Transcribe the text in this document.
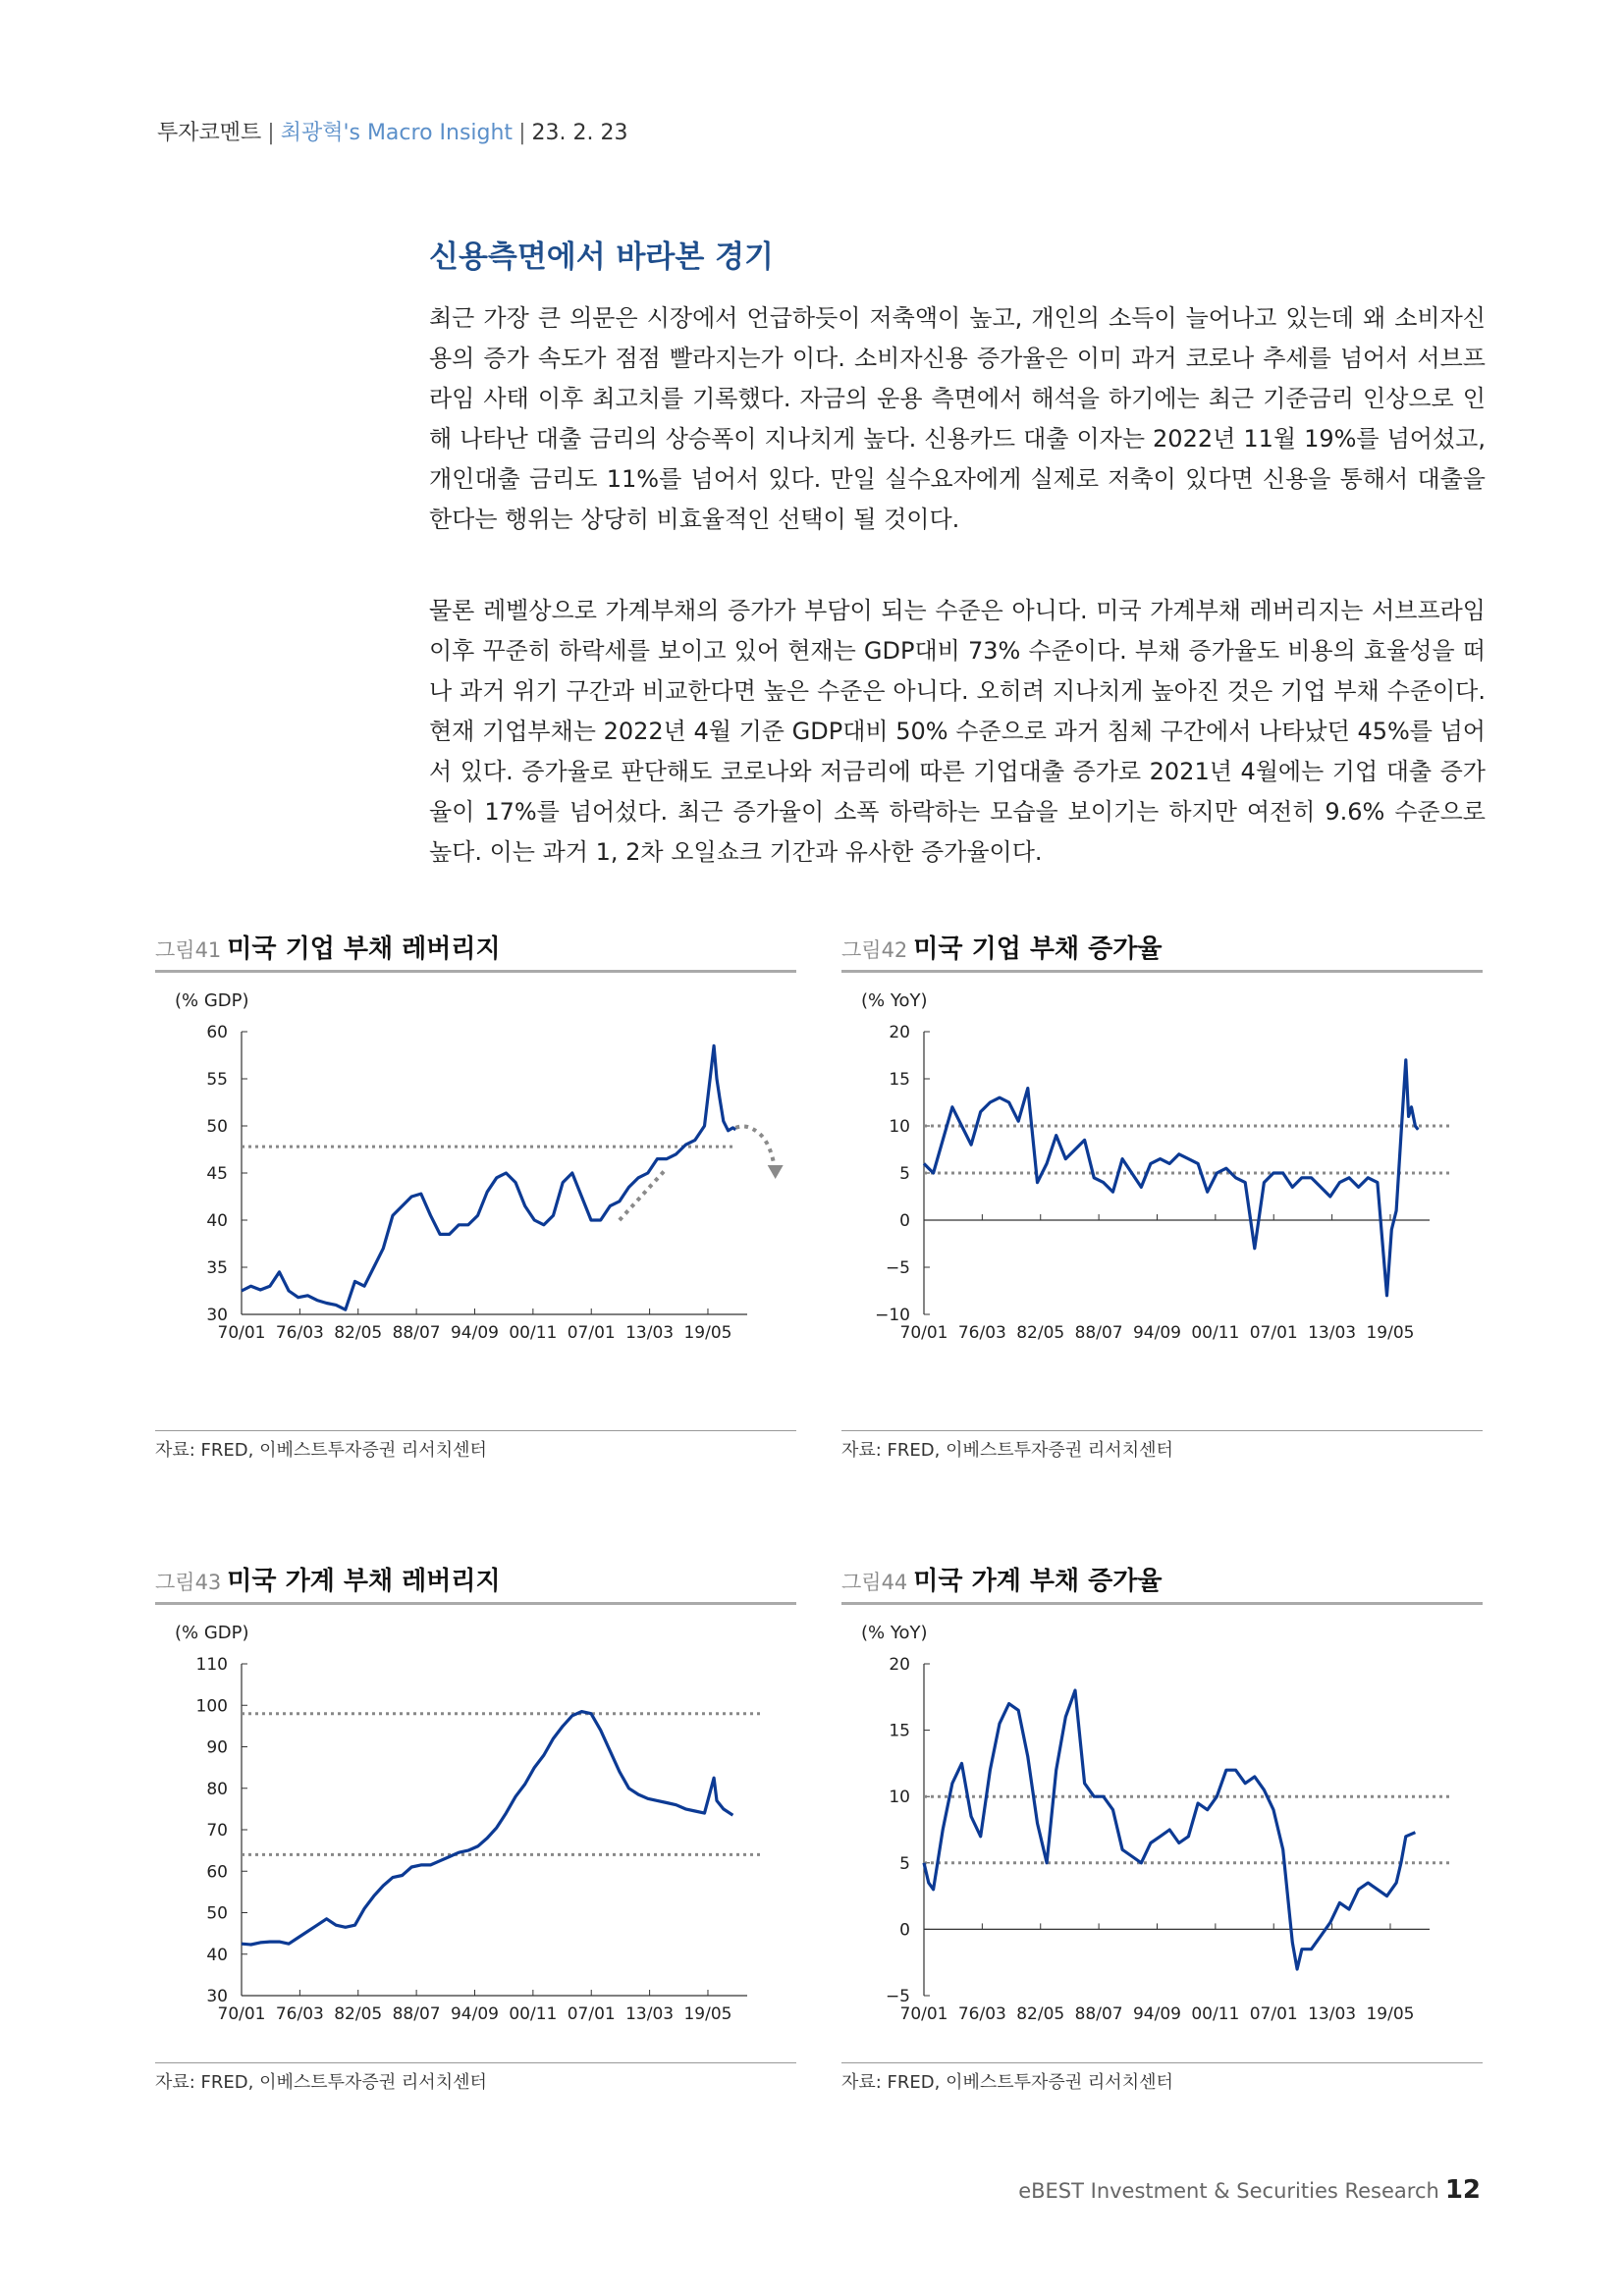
투자코멘트 | 최광혁's Macro Insight | 23. 2. 23
신용측면에서 바라본 경기
최근 가장 큰 의문은 시장에서 언급하듯이 저축액이 높고, 개인의 소득이 늘어나고 있는데 왜 소비자신용의 증가 속도가 점점 빨라지는가 이다. 소비자신용 증가율은 이미 과거 코로나 추세를 넘어서 서브프라임 사태 이후 최고치를 기록했다. 자금의 운용 측면에서 해석을 하기에는 최근 기준금리 인상으로 인해 나타난 대출 금리의 상승폭이 지나치게 높다. 신용카드 대출 이자는 2022년 11월 19%를 넘어섰고, 개인대출 금리도 11%를 넘어서 있다. 만일 실수요자에게 실제로 저축이 있다면 신용을 통해서 대출을 한다는 행위는 상당히 비효율적인 선택이 될 것이다.
물론 레벨상으로 가계부채의 증가가 부담이 되는 수준은 아니다. 미국 가계부채 레버리지는 서브프라임 이후 꾸준히 하락세를 보이고 있어 현재는 GDP대비 73% 수준이다. 부채 증가율도 비용의 효율성을 떠나 과거 위기 구간과 비교한다면 높은 수준은 아니다. 오히려 지나치게 높아진 것은 기업 부채 수준이다. 현재 기업부채는 2022년 4월 기준 GDP대비 50% 수준으로 과거 침체 구간에서 나타났던 45%를 넘어서 있다. 증가율로 판단해도 코로나와 저금리에 따른 기업대출 증가로 2021년 4월에는 기업 대출 증가율이 17%를 넘어섰다. 최근 증가율이 소폭 하락하는 모습을 보이기는 하지만 여전히 9.6% 수준으로 높다. 이는 과거 1, 2차 오일쇼크 기간과 유사한 증가율이다.
그림41 미국 기업 부채 레버리지
(% GDP)
60
55
50
45
40
35
30
70/01 76/03 82/05 88/07 94/09 00/11 07/01 13/03 19/05
자료: FRED, 이베스트투자증권 리서치센터
그림42 미국 기업 부채 증가율
(% YoY)
20
15
10
5
0
−5
−10
70/01 76/03 82/05 88/07 94/09 00/11 07/01 13/03 19/05
자료: FRED, 이베스트투자증권 리서치센터
그림43 미국 가계 부채 레버리지
(% GDP)
110
100
90
80
70
60
50
40
30
70/01 76/03 82/05 88/07 94/09 00/11 07/01 13/03 19/05
자료: FRED, 이베스트투자증권 리서치센터
그림44 미국 가계 부채 증가율
(% YoY)
20
15
10
5
0
−5
70/01 76/03 82/05 88/07 94/09 00/11 07/01 13/03 19/05
자료: FRED, 이베스트투자증권 리서치센터
eBEST Investment & Securities Research 12
